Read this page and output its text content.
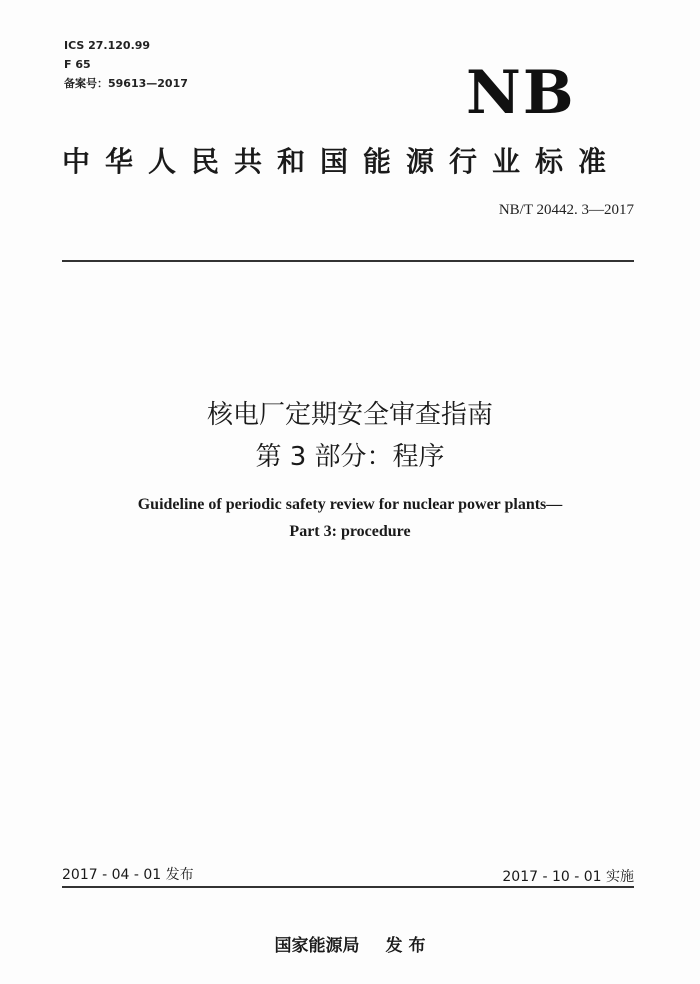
ICS 27.120.99
F 65
备案号：59613—2017	NB
中华人民共和国能源行业标准
NB/T 20442. 3—2017
核电厂定期安全审查指南
第 3 部分：程序
Guideline of periodic safety review for nuclear power plants—
Part 3: procedure
2017 - 04 - 01 发布	2017 - 10 - 01 实施
国家能源局 发 布
